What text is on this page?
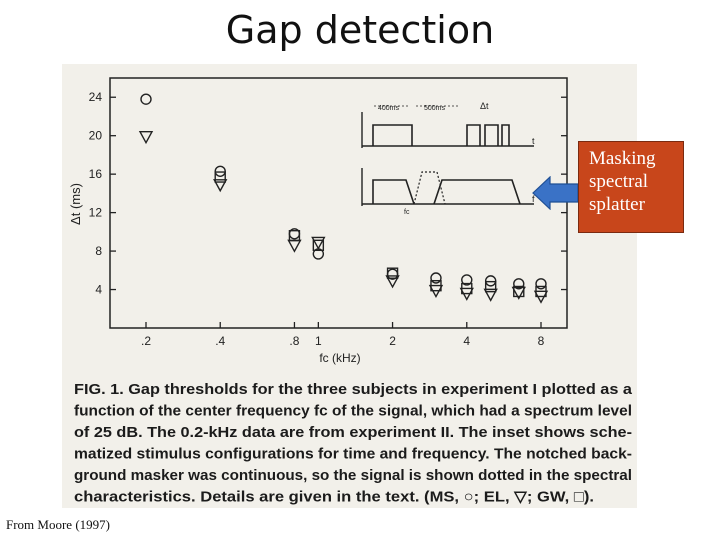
Gap detection
4
8
12
16
20
24
.2	.4	.8 1	2	4	8
Δt (ms)
fc (kHz)
400ms	500ms	Δt
t
fc
f
FIG. 1. Gap thresholds for the three subjects in experiment I plotted as a
function of the center frequency fc of the signal, which had a spectrum level
of 25 dB. The 0.2-kHz data are from experiment II. The inset shows sche-
matized stimulus configurations for time and frequency. The notched back-
ground masker was continuous, so the signal is shown dotted in the spectral
characteristics. Details are given in the text. (MS, ○; EL, ▽; GW, □).
Masking
spectral
splatter
From Moore (1997)
